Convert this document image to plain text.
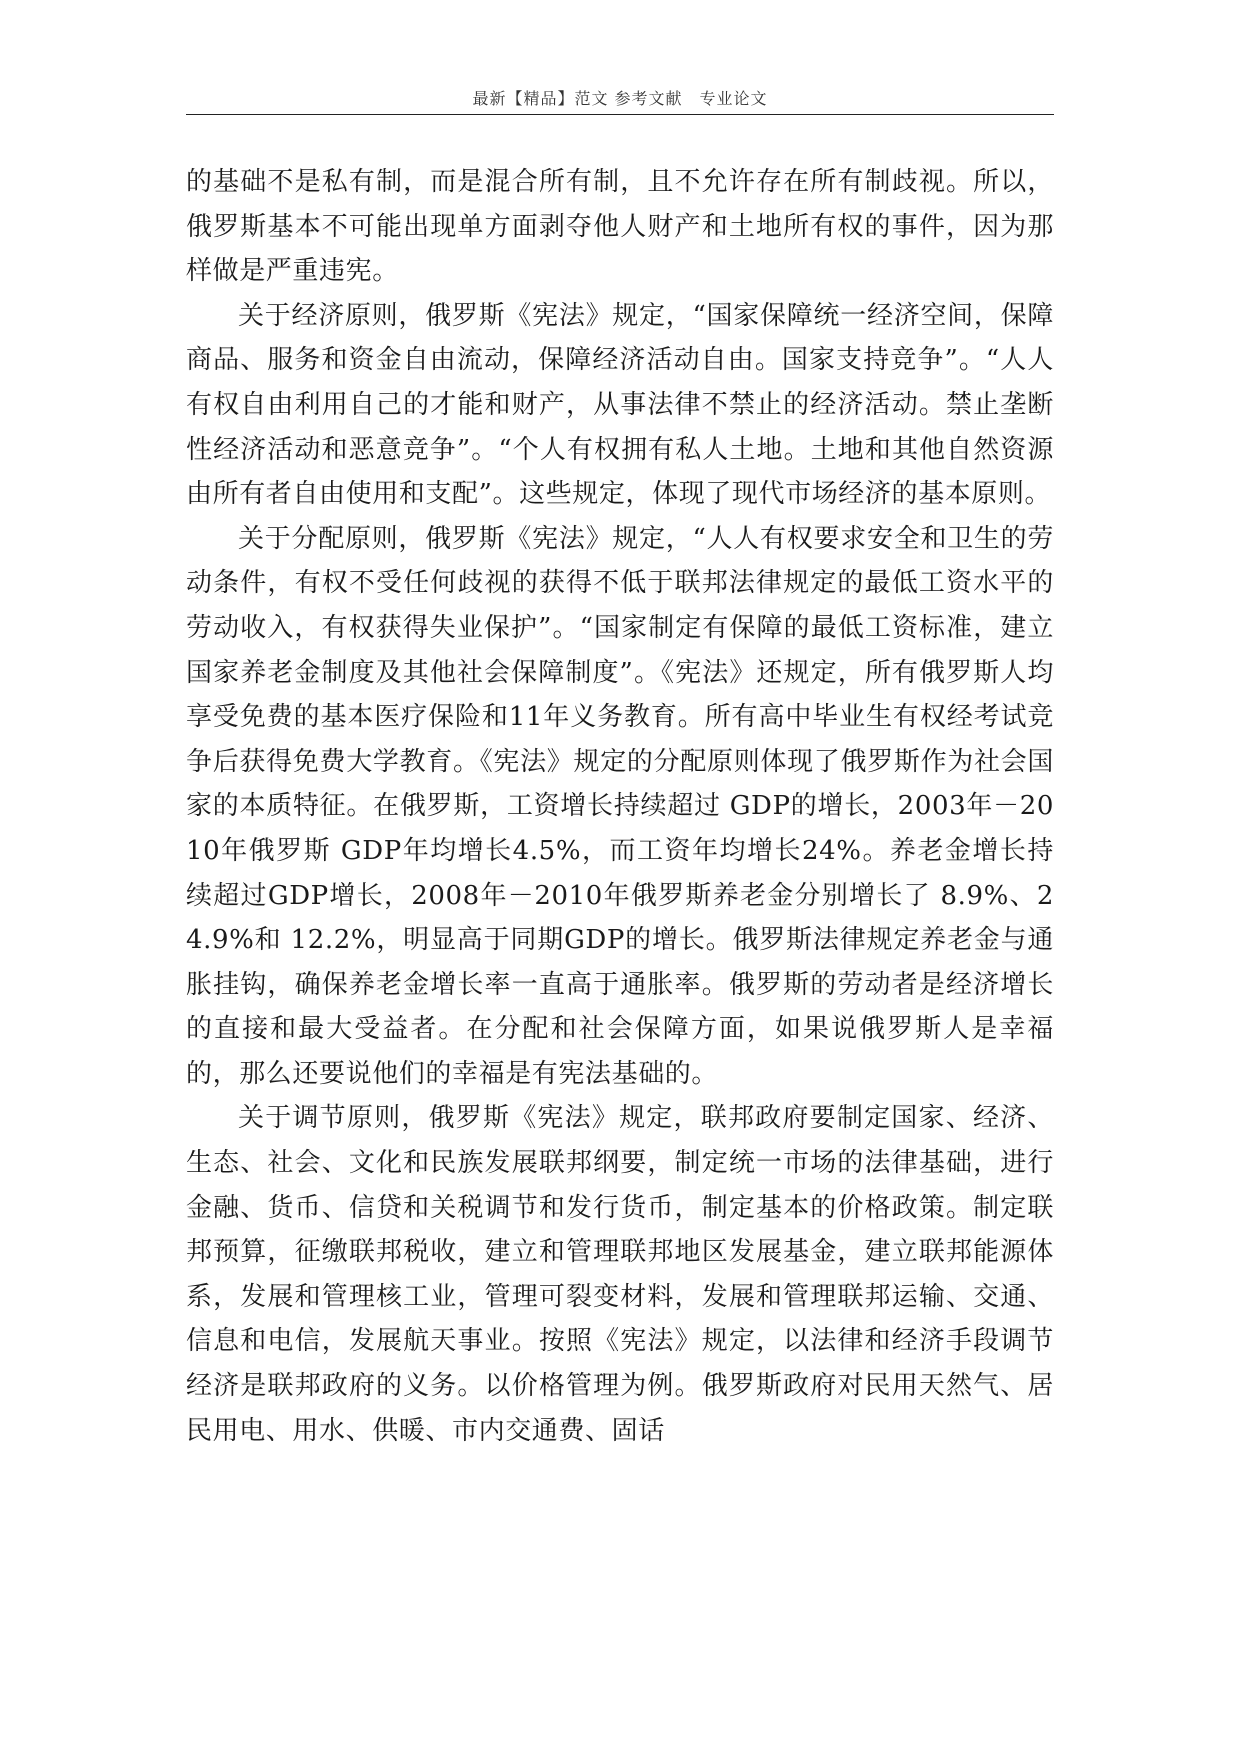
最新【精品】范文 参考文献　专业论文

的基础不是私有制，而是混合所有制，且不允许存在所有制歧视。所以，俄罗斯基本不可能出现单方面剥夺他人财产和土地所有权的事件，因为那样做是严重违宪。

关于经济原则，俄罗斯《宪法》规定，“国家保障统一经济空间，保障商品、服务和资金自由流动，保障经济活动自由。国家支持竞争”。“人人有权自由利用自己的才能和财产，从事法律不禁止的经济活动。禁止垄断性经济活动和恶意竞争”。“个人有权拥有私人土地。土地和其他自然资源由所有者自由使用和支配”。这些规定，体现了现代市场经济的基本原则。

关于分配原则，俄罗斯《宪法》规定，“人人有权要求安全和卫生的劳动条件，有权不受任何歧视的获得不低于联邦法律规定的最低工资水平的劳动收入，有权获得失业保护”。“国家制定有保障的最低工资标准，建立国家养老金制度及其他社会保障制度”。《宪法》还规定，所有俄罗斯人均享受免费的基本医疗保险和11年义务教育。所有高中毕业生有权经考试竞争后获得免费大学教育。《宪法》规定的分配原则体现了俄罗斯作为社会国家的本质特征。在俄罗斯，工资增长持续超过 GDP的增长，2003年－2010年俄罗斯 GDP年均增长4.5%，而工资年均增长24%。养老金增长持续超过GDP增长，2008年－2010年俄罗斯养老金分别增长了 8.9%、24.9%和 12.2%，明显高于同期GDP的增长。俄罗斯法律规定养老金与通胀挂钩，确保养老金增长率一直高于通胀率。俄罗斯的劳动者是经济增长的直接和最大受益者。在分配和社会保障方面，如果说俄罗斯人是幸福的，那么还要说他们的幸福是有宪法基础的。

关于调节原则，俄罗斯《宪法》规定，联邦政府要制定国家、经济、生态、社会、文化和民族发展联邦纲要，制定统一市场的法律基础，进行金融、货币、信贷和关税调节和发行货币，制定基本的价格政策。制定联邦预算，征缴联邦税收，建立和管理联邦地区发展基金，建立联邦能源体系，发展和管理核工业，管理可裂变材料，发展和管理联邦运输、交通、信息和电信，发展航天事业。按照《宪法》规定，以法律和经济手段调节经济是联邦政府的义务。以价格管理为例。俄罗斯政府对民用天然气、居民用电、用水、供暖、市内交通费、固话
